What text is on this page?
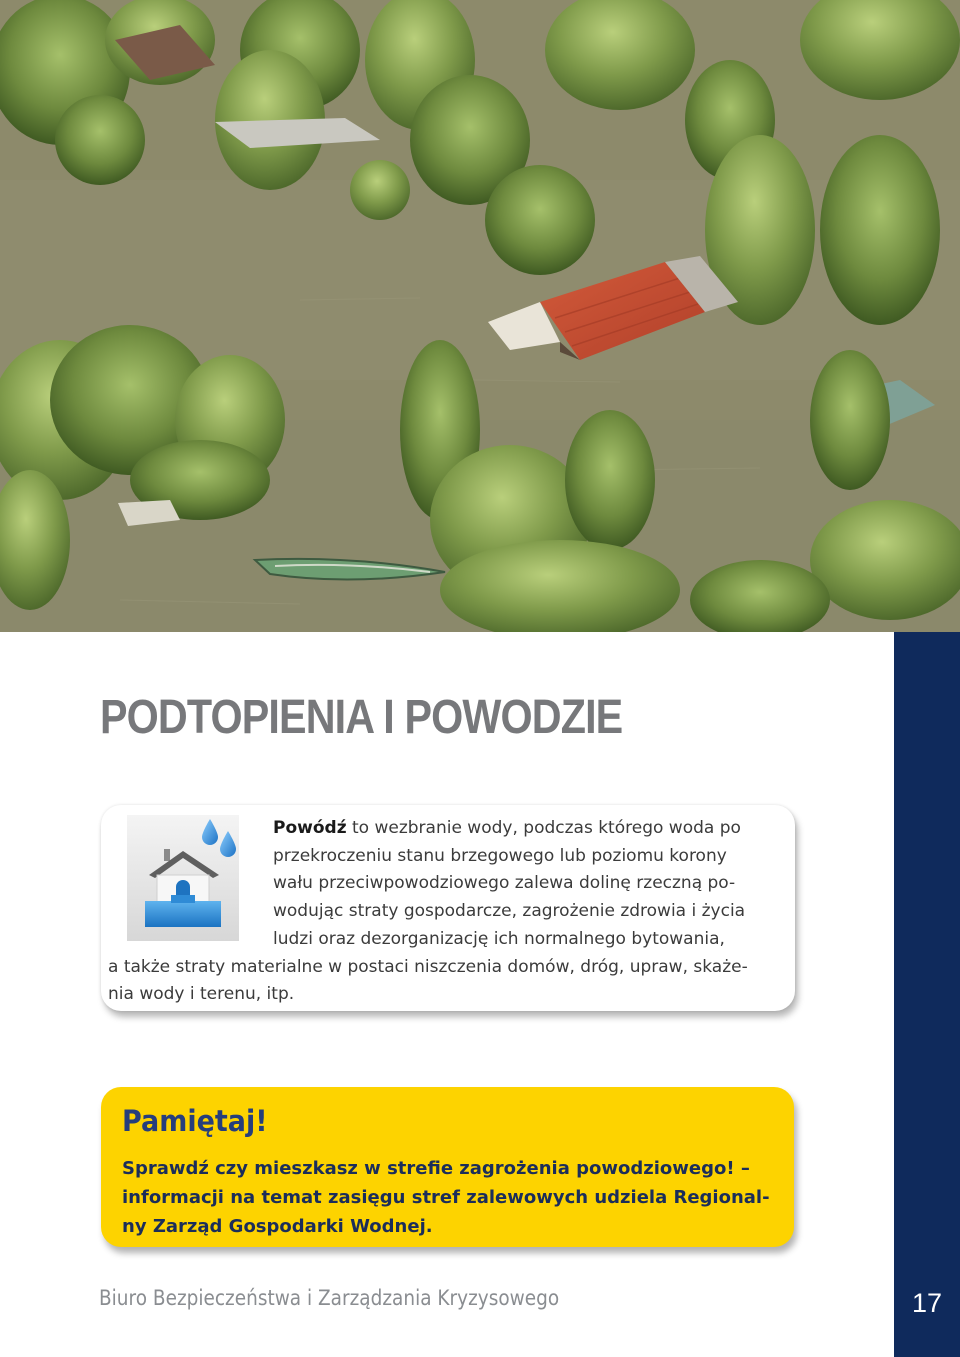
PODTOPIENIA I POWODZIE
Powódź to wezbranie wody, podczas którego woda po
przekroczeniu stanu brzegowego lub poziomu korony
wału przeciwpowodziowego zalewa dolinę rzeczną po-
wodując straty gospodarcze, zagrożenie zdrowia i życia
ludzi oraz dezorganizację ich normalnego bytowania,
a także straty materialne w postaci niszczenia domów, dróg, upraw, skaże-
nia wody i terenu, itp.
Pamiętaj!
Sprawdź czy mieszkasz w strefie zagrożenia powodziowego! –
informacji na temat zasięgu stref zalewowych udziela Regional-
ny Zarząd Gospodarki Wodnej.
Biuro Bezpieczeństwa i Zarządzania Kryzysowego	17
